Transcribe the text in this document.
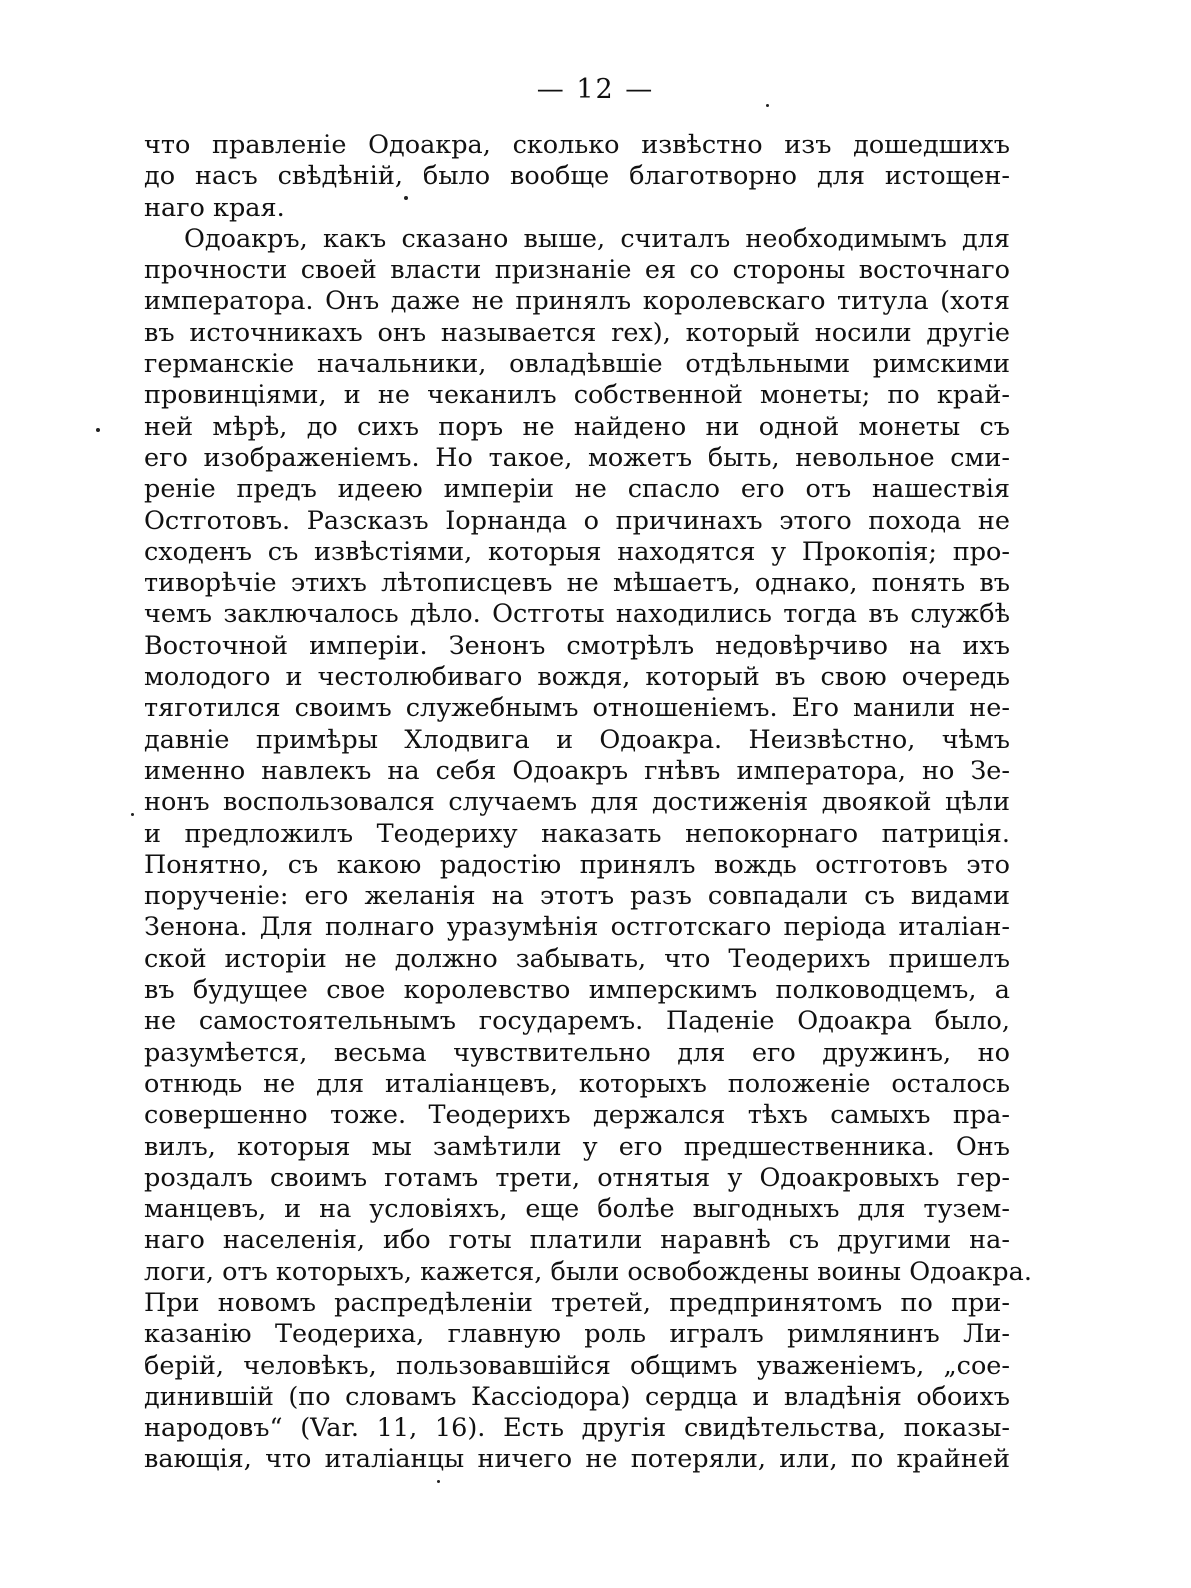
— 12 —
что правленіе Одоакра, сколько извѣстно изъ дошедшихъ
до насъ свѣдѣній, было вообще благотворно для истощен-
наго края.
Одоакръ, какъ сказано выше, считалъ необходимымъ для
прочности своей власти признаніе ея со стороны восточнаго
императора. Онъ даже не принялъ королевскаго титула (хотя
въ источникахъ онъ называется rex), который носили другіе
германскіе начальники, овладѣвшіе отдѣльными римскими
провинціями, и не чеканилъ собственной монеты; по край-
ней мѣрѣ, до сихъ поръ не найдено ни одной монеты съ
его изображеніемъ. Но такое, можетъ быть, невольное сми-
реніе предъ идеею имперіи не спасло его отъ нашествія
Остготовъ. Разсказъ Іорнанда о причинахъ этого похода не
сходенъ съ извѣстіями, которыя находятся у Прокопія; про-
тиворѣчіе этихъ лѣтописцевъ не мѣшаетъ, однако, понять въ
чемъ заключалось дѣло. Остготы находились тогда въ службѣ
Восточной имперіи. Зенонъ смотрѣлъ недовѣрчиво на ихъ
молодого и честолюбиваго вождя, который въ свою очередь
тяготился своимъ служебнымъ отношеніемъ. Его манили не-
давніе примѣры Хлодвига и Одоакра. Неизвѣстно, чѣмъ
именно навлекъ на себя Одоакръ гнѣвъ императора, но Зе-
нонъ воспользовался случаемъ для достиженія двоякой цѣли
и предложилъ Теодериху наказать непокорнаго патриція.
Понятно, съ какою радостію принялъ вождь остготовъ это
порученіе: его желанія на этотъ разъ совпадали съ видами
Зенона. Для полнаго уразумѣнія остготскаго періода италіан-
ской исторіи не должно забывать, что Теодерихъ пришелъ
въ будущее свое королевство имперскимъ полководцемъ, а
не самостоятельнымъ государемъ. Паденіе Одоакра было,
разумѣется, весьма чувствительно для его дружинъ, но
отнюдь не для италіанцевъ, которыхъ положеніе осталось
совершенно тоже. Теодерихъ держался тѣхъ самыхъ пра-
вилъ, которыя мы замѣтили у его предшественника. Онъ
роздалъ своимъ готамъ трети, отнятыя у Одоакровыхъ гер-
манцевъ, и на условіяхъ, еще болѣе выгодныхъ для тузем-
наго населенія, ибо готы платили наравнѣ съ другими на-
логи, отъ которыхъ, кажется, были освобождены воины Одоакра.
При новомъ распредѣленіи третей, предпринятомъ по при-
казанію Теодериха, главную роль игралъ римлянинъ Ли-
берій, человѣкъ, пользовавшійся общимъ уваженіемъ, „сое-
динившій (по словамъ Кассіодора) сердца и владѣнія обоихъ
народовъ“ (Var. 11, 16). Есть другія свидѣтельства, показы-
вающія, что италіанцы ничего не потеряли, или, по крайней
